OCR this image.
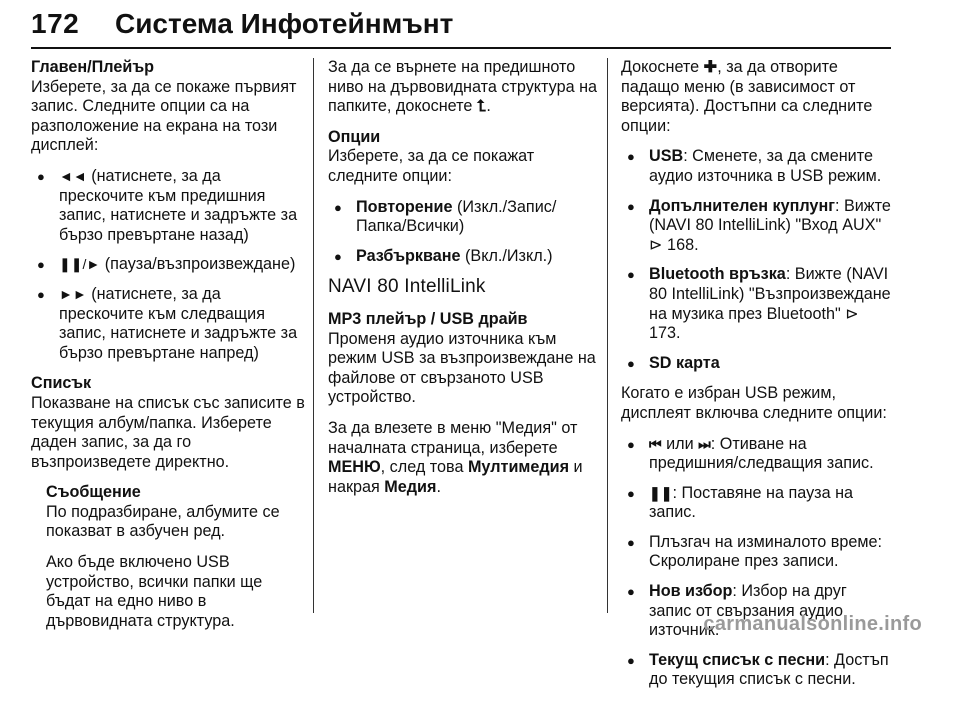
172 Система Инфотейнмънт

Главен/Плейър
Изберете, за да се покаже първият запис. Следните опции са на разположение на екрана на този дисплей:

● ◄◄ (натиснете, за да прескочите към предишния запис, натиснете и задръжте за бързо превъртане назад)
● ❚❚/► (пауза/възпроизвеждане)
● ►► (натиснете, за да прескочите към следващия запис, натиснете и задръжте за бързо превъртане напред)

Списък
Показване на списък със записите в текущия албум/папка. Изберете даден запис, за да го възпроизведете директно.

Съобщение
По подразбиране, албумите се показват в азбучен ред.

Ако бъде включено USB устройство, всички папки ще бъдат на едно ниво в дървовидната структура.

За да се върнете на предишното ниво на дървовидната структура на папките, докоснете ⮤.

Опции
Изберете, за да се покажат следните опции:

● Повторение (Изкл./Запис/Папка/Всички)
● Разбъркване (Вкл./Изкл.)
NAVI 80 IntelliLink

MP3 плейър / USB драйв
Променя аудио източника към режим USB за възпроизвеждане на файлове от свързаното USB устройство.

За да влезете в меню "Медия" от началната страница, изберете МЕНЮ, след това Мултимедия и накрая Медия.

Докоснете ✚, за да отворите падащо меню (в зависимост от версията). Достъпни са следните опции:

● USB: Сменете, за да смените аудио източника в USB режим.
● Допълнителен куплунг: Вижте (NAVI 80 IntelliLink) "Вход AUX" ⊳ 168.
● Bluetooth връзка: Вижте (NAVI 80 IntelliLink) "Възпроизвеждане на музика през Bluetooth" ⊳ 173.
● SD карта

Когато е избран USB режим, дисплеят включва следните опции:

● ⏮ или ⏭: Отиване на предишния/следващия запис.
● ❚❚: Поставяне на пауза на запис.
● Плъзгач на изминалото време: Скролиране през записи.
● Нов избор: Избор на друг запис от свързания аудио източник.
● Текущ списък с песни: Достъп до текущия списък с песни.
carmanualsonline.info
